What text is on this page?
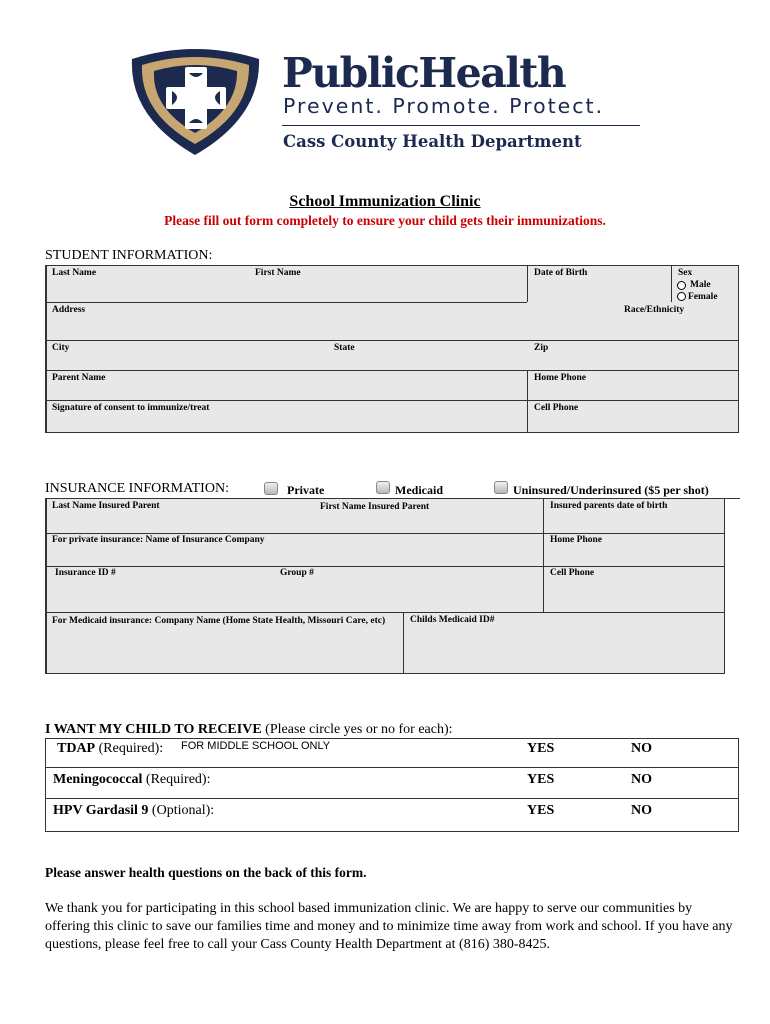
PublicHealth
Prevent. Promote. Protect.
Cass County Health Department
School Immunization Clinic
Please fill out form completely to ensure your child gets their immunizations.
STUDENT INFORMATION:
Last Name	First Name	Date of Birth	Sex
Male
Female
Address	Race/Ethnicity
City	State	Zip
Parent Name	Home Phone
Signature of consent to immunize/treat	Cell Phone
INSURANCE INFORMATION:	Private	Medicaid	Uninsured/Underinsured ($5 per shot)
Last Name Insured Parent	First Name Insured Parent	Insured parents date of birth
For private insurance: Name of Insurance Company	Home Phone
Insurance ID #	Group #	Cell Phone
For Medicaid insurance: Company Name (Home State Health, Missouri Care, etc)	Childs Medicaid ID#
I WANT MY CHILD TO RECEIVE (Please circle yes or no for each):
TDAP (Required): FOR MIDDLE SCHOOL ONLY	YES	NO
Meningococcal (Required):	YES	NO
HPV Gardasil 9 (Optional):	YES	NO
Please answer health questions on the back of this form.
We thank you for participating in this school based immunization clinic. We are happy to serve our communities by offering this clinic to save our families time and money and to minimize time away from work and school. If you have any questions, please feel free to call your Cass County Health Department at (816) 380-8425.
